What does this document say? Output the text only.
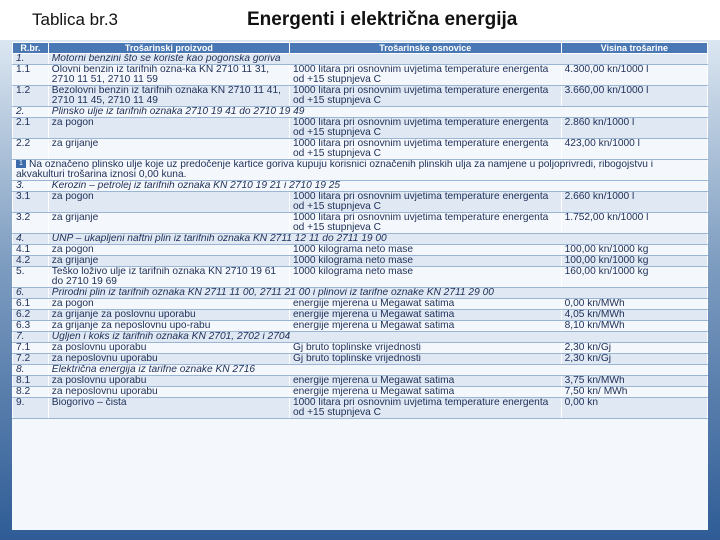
Tablica br.3	Energenti i električna energija
R.br.	Trošarinski proizvod	Trošarinske osnovice	Visina trošarine
1.	Motorni benzini što se koriste kao pogonska goriva		
1.1	Olovni benzin iz tarifnih ozna-ka KN 2710 11 31, 2710 11 51, 2710 11 59	1000 litara pri osnovnim uvjetima temperature energenta od +15 stupnjeva C	4.300,00 kn/1000 l
1.2	Bezolovni benzin iz tarifnih oznaka KN 2710 11 41, 2710 11 45, 2710 11 49	1000 litara pri osnovnim uvjetima temperature energenta od +15 stupnjeva C	3.660,00 kn/1000 l
2.	Plinsko ulje iz tarifnih oznaka 2710 19 41 do 2710 19 49		
2.1	za pogon	1000 litara pri osnovnim uvjetima temperature energenta od +15 stupnjeva C	2.860 kn/1000 l
2.2	za grijanje	1000 litara pri osnovnim uvjetima temperature energenta od +15 stupnjeva C	423,00 kn/1000 l
1 Na označeno plinsko ulje koje uz predočenje kartice goriva kupuju korisnici označenih plinskih ulja za namjene u poljoprivredi, ribogojstvu i akvakulturi trošarina iznosi 0,00 kuna.			
3.	Kerozin – petrolej iz tarifnih oznaka KN 2710 19 21 i 2710 19 25		
3.1	za pogon	1000 litara pri osnovnim uvjetima temperature energenta od +15 stupnjeva C	2.660 kn/1000 l
3.2	za grijanje	1000 litara pri osnovnim uvjetima temperature energenta od +15 stupnjeva C	1.752,00 kn/1000 l
4.	UNP – ukapljeni naftni plin iz tarifnih oznaka KN 2711 12 11 do 2711 19 00		
4.1	za pogon	1000 kilograma neto mase	100,00 kn/1000 kg
4.2	za grijanje	1000 kilograma neto mase	100,00 kn/1000 kg
5.	Teško loživo ulje iz tarifnih oznaka KN 2710 19 61 do 2710 19 69	1000 kilograma neto mase	160,00 kn/1000 kg
6.	Prirodni plin iz tarifnih oznaka KN 2711 11 00, 2711 21 00 i plinovi iz tarifne oznake KN 2711 29 00		
6.1	za pogon	energije mjerena u Megawat satima	0,00 kn/MWh
6.2	za grijanje za poslovnu uporabu	energije mjerena u Megawat satima	4,05 kn/MWh
6.3	za grijanje za neposlovnu upo-rabu	energije mjerena u Megawat satima	8,10 kn/MWh
7.	Ugljen i koks iz tarifnih oznaka KN 2701, 2702 i 2704		
7.1	za poslovnu uporabu	Gj bruto toplinske vrijednosti	2,30 kn/Gj
7.2	za neposlovnu uporabu	Gj bruto toplinske vrijednosti	2,30 kn/Gj
8.	Električna energija iz tarifne oznake KN 2716		
8.1	za poslovnu uporabu	energije mjerena u Megawat satima	3,75 kn/MWh
8.2	za neposlovnu uporabu	energije mjerena u Megawat satima	7,50 kn/ MWh
9.	Biogorivo – čista	1000 litara pri osnovnim uvjetima temperature energenta od +15 stupnjeva C	0,00 kn
